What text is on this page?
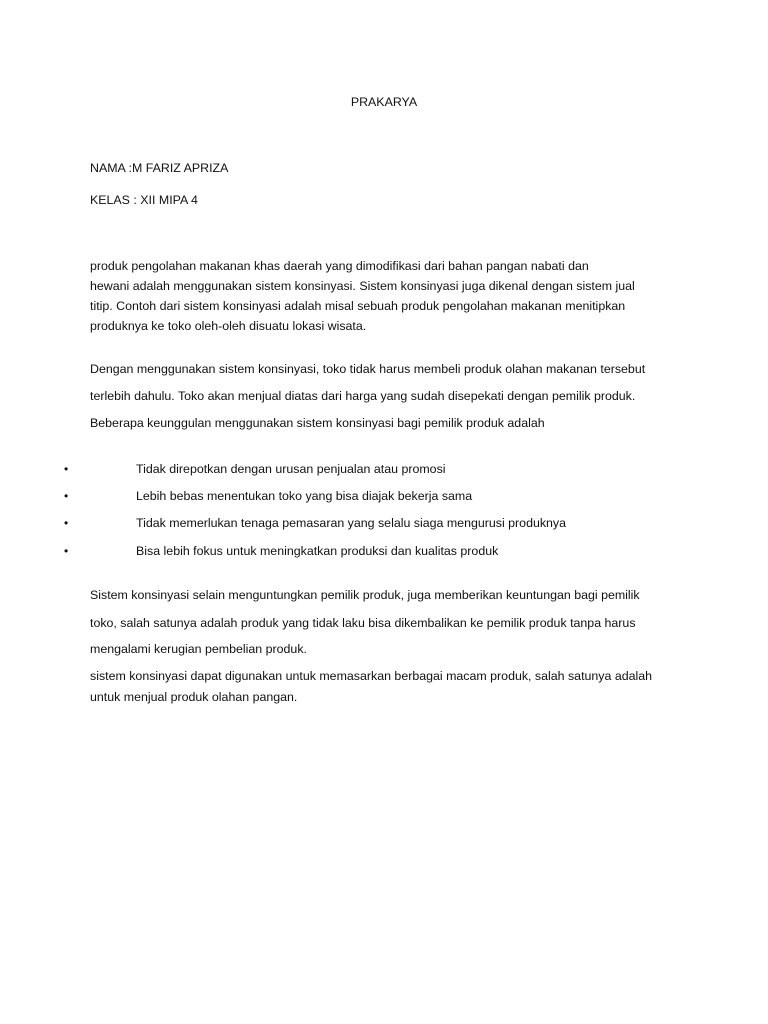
PRAKARYA
NAMA :M FARIZ APRIZA
KELAS : XII MIPA 4
produk pengolahan makanan khas daerah yang dimodifikasi dari bahan pangan nabati dan
hewani adalah menggunakan sistem konsinyasi. Sistem konsinyasi juga dikenal dengan sistem jual
titip. Contoh dari sistem konsinyasi adalah misal sebuah produk pengolahan makanan menitipkan
produknya ke toko oleh-oleh disuatu lokasi wisata.
Dengan menggunakan sistem konsinyasi, toko tidak harus membeli produk olahan makanan tersebut
terlebih dahulu. Toko akan menjual diatas dari harga yang sudah disepekati dengan pemilik produk.
Beberapa keunggulan menggunakan sistem konsinyasi bagi pemilik produk adalah
•	Tidak direpotkan dengan urusan penjualan atau promosi
•	Lebih bebas menentukan toko yang bisa diajak bekerja sama
•	Tidak memerlukan tenaga pemasaran yang selalu siaga mengurusi produknya
•	Bisa lebih fokus untuk meningkatkan produksi dan kualitas produk
Sistem konsinyasi selain menguntungkan pemilik produk, juga memberikan keuntungan bagi pemilik
toko, salah satunya adalah produk yang tidak laku bisa dikembalikan ke pemilik produk tanpa harus
mengalami kerugian pembelian produk.
sistem konsinyasi dapat digunakan untuk memasarkan berbagai macam produk, salah satunya adalah
untuk menjual produk olahan pangan.
